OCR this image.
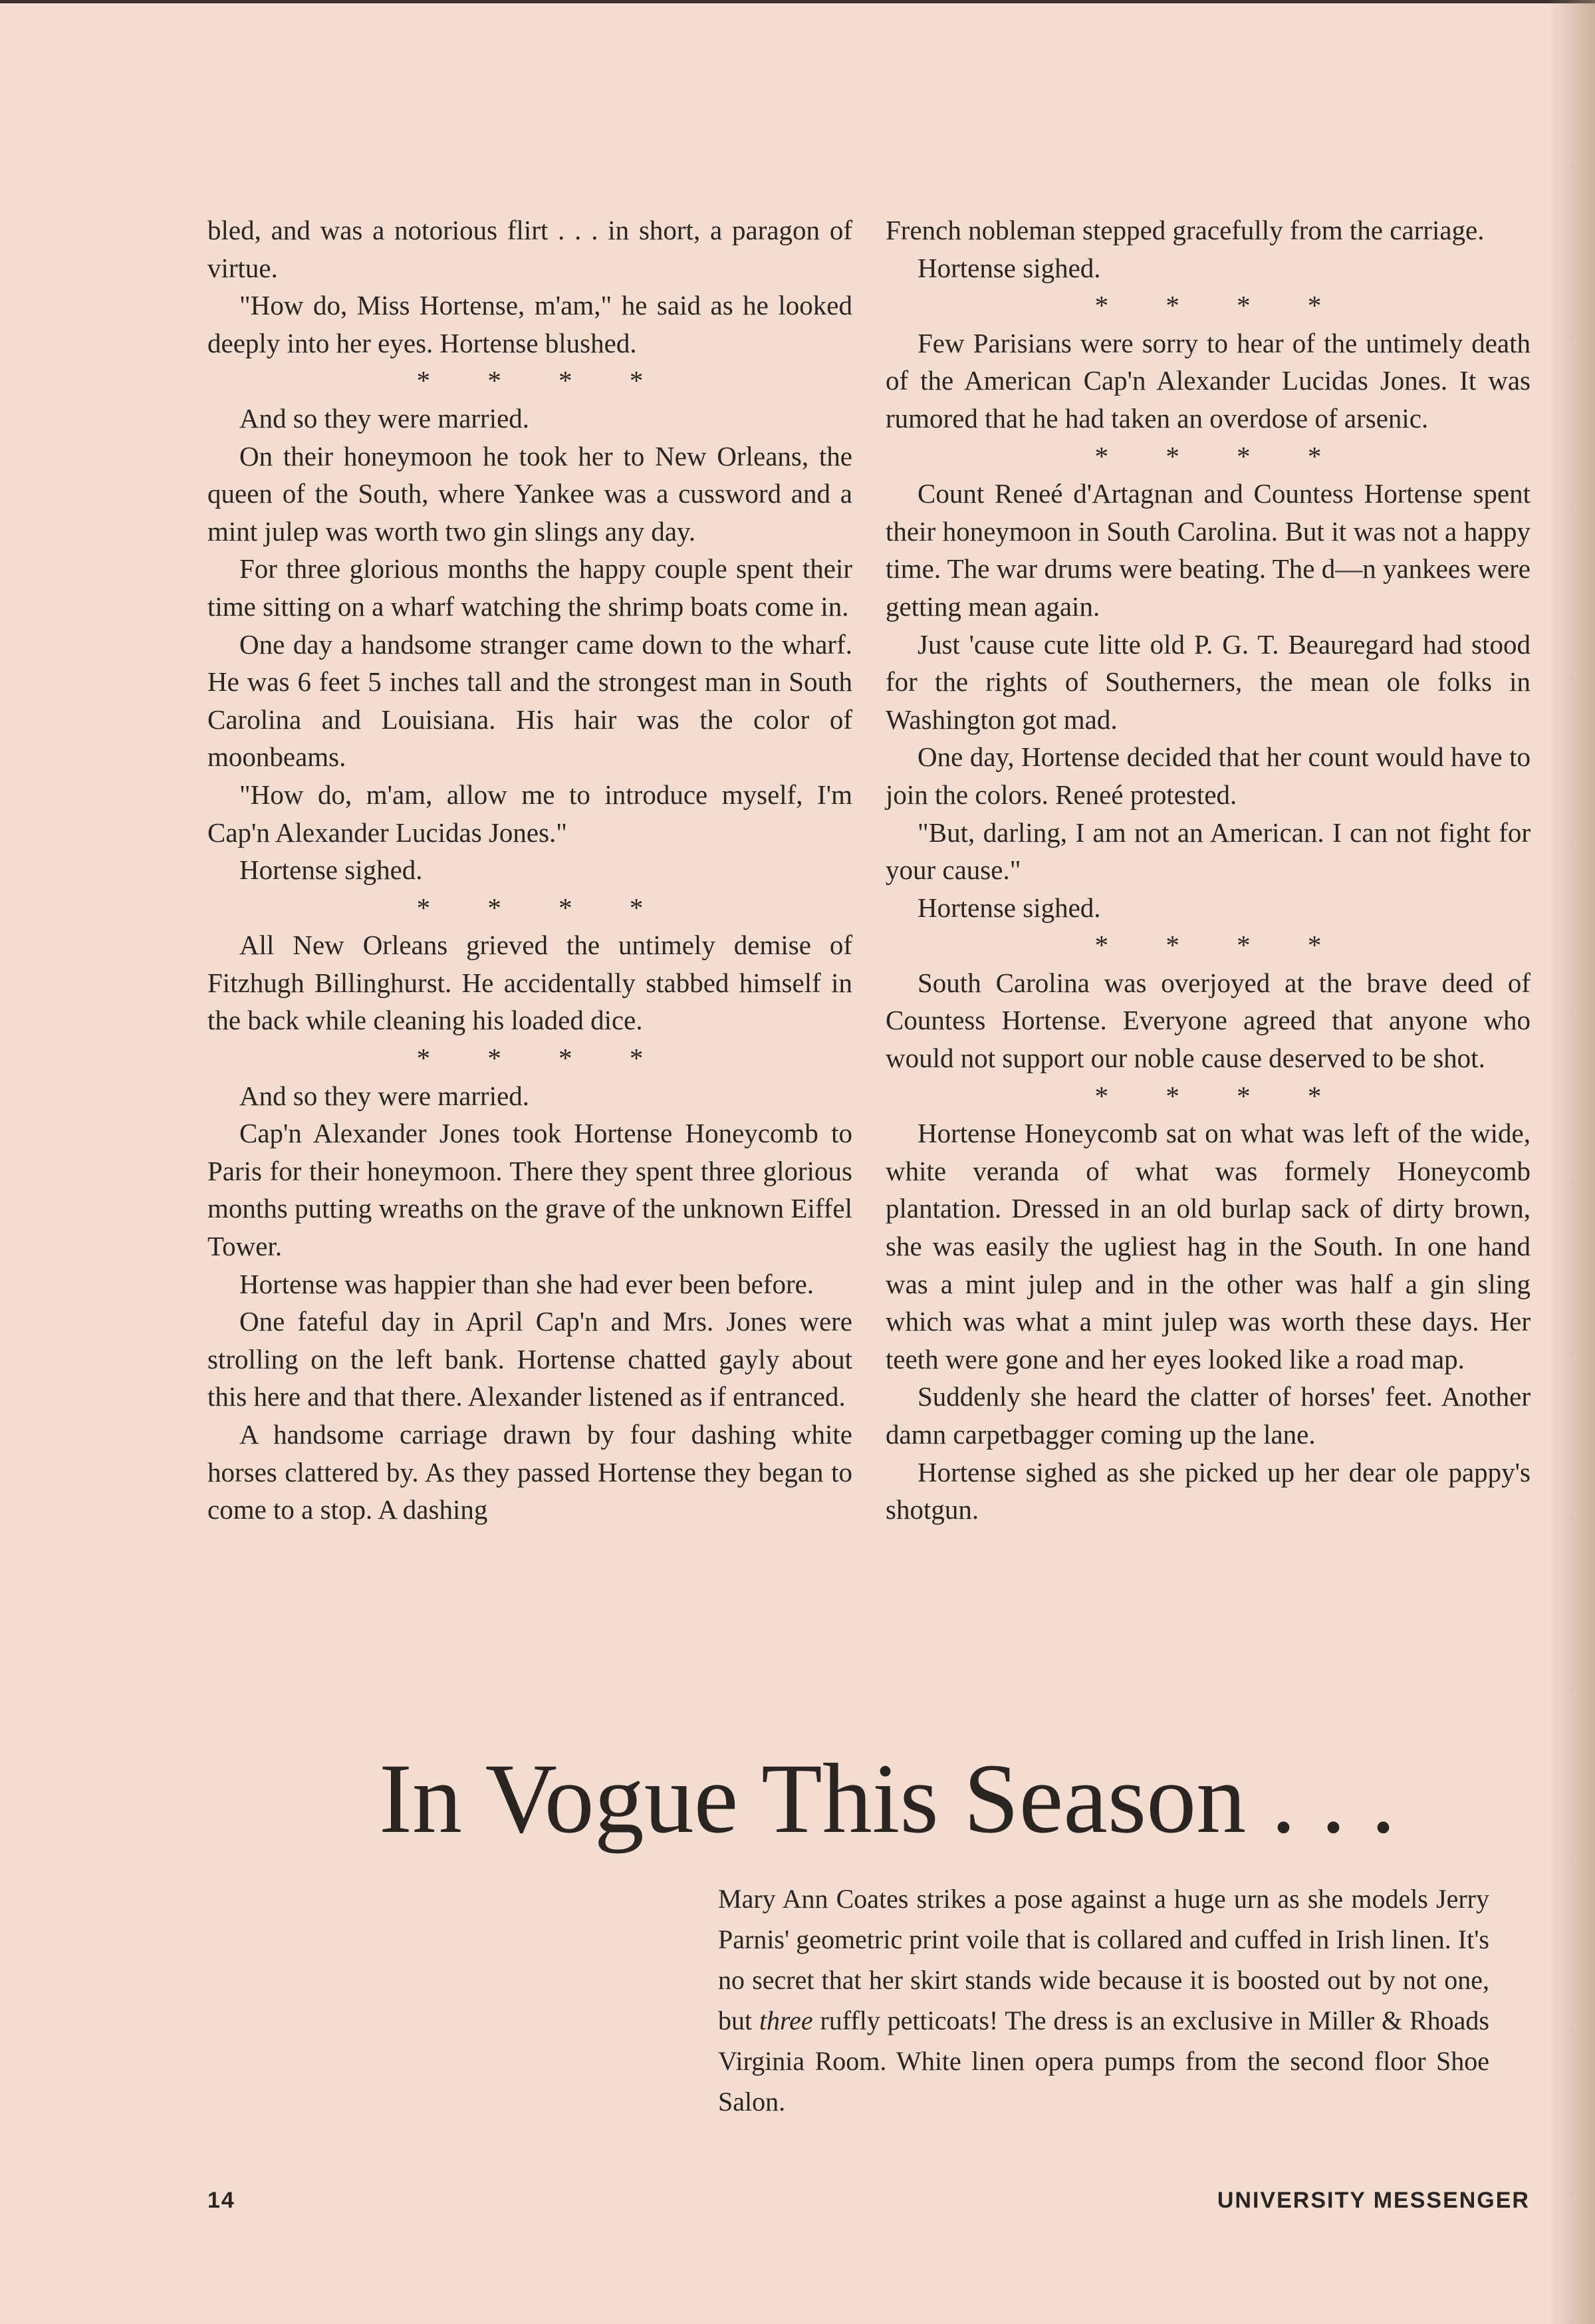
bled, and was a notorious flirt . . . in short, a paragon of virtue.

"How do, Miss Hortense, m'am," he said as he looked deeply into her eyes. Hortense blushed.

* * * *

And so they were married.

On their honeymoon he took her to New Orleans, the queen of the South, where Yankee was a cussword and a mint julep was worth two gin slings any day.

For three glorious months the happy couple spent their time sitting on a wharf watching the shrimp boats come in.

One day a handsome stranger came down to the wharf. He was 6 feet 5 inches tall and the strongest man in South Carolina and Louisiana. His hair was the color of moonbeams.

"How do, m'am, allow me to introduce myself, I'm Cap'n Alexander Lucidas Jones."

Hortense sighed.

* * * *

All New Orleans grieved the untimely demise of Fitzhugh Billinghurst. He accidentally stabbed himself in the back while cleaning his loaded dice.

* * * *

And so they were married.

Cap'n Alexander Jones took Hortense Honeycomb to Paris for their honeymoon. There they spent three glorious months putting wreaths on the grave of the unknown Eiffel Tower.

Hortense was happier than she had ever been before.

One fateful day in April Cap'n and Mrs. Jones were strolling on the left bank. Hortense chatted gayly about this here and that there. Alexander listened as if entranced.

A handsome carriage drawn by four dashing white horses clattered by. As they passed Hortense they began to come to a stop. A dashing

French nobleman stepped gracefully from the carriage.

Hortense sighed.

* * * *

Few Parisians were sorry to hear of the untimely death of the American Cap'n Alexander Lucidas Jones. It was rumored that he had taken an overdose of arsenic.

* * * *

Count Reneé d'Artagnan and Countess Hortense spent their honeymoon in South Carolina. But it was not a happy time. The war drums were beating. The d—n yankees were getting mean again.

Just 'cause cute litte old P. G. T. Beauregard had stood for the rights of Southerners, the mean ole folks in Washington got mad.

One day, Hortense decided that her count would have to join the colors. Reneé protested.

"But, darling, I am not an American. I can not fight for your cause."

Hortense sighed.

* * * *

South Carolina was overjoyed at the brave deed of Countess Hortense. Everyone agreed that anyone who would not support our noble cause deserved to be shot.

* * * *

Hortense Honeycomb sat on what was left of the wide, white veranda of what was formely Honeycomb plantation. Dressed in an old burlap sack of dirty brown, she was easily the ugliest hag in the South. In one hand was a mint julep and in the other was half a gin sling which was what a mint julep was worth these days. Her teeth were gone and her eyes looked like a road map.

Suddenly she heard the clatter of horses' feet. Another damn carpetbagger coming up the lane.

Hortense sighed as she picked up her dear ole pappy's shotgun.

In Vogue This Season . . .

Mary Ann Coates strikes a pose against a huge urn as she models Jerry Parnis' geometric print voile that is collared and cuffed in Irish linen. It's no secret that her skirt stands wide because it is boosted out by not one, but three ruffly petticoats! The dress is an exclusive in Miller & Rhoads Virginia Room. White linen opera pumps from the second floor Shoe Salon.

14	UNIVERSITY MESSENGER
